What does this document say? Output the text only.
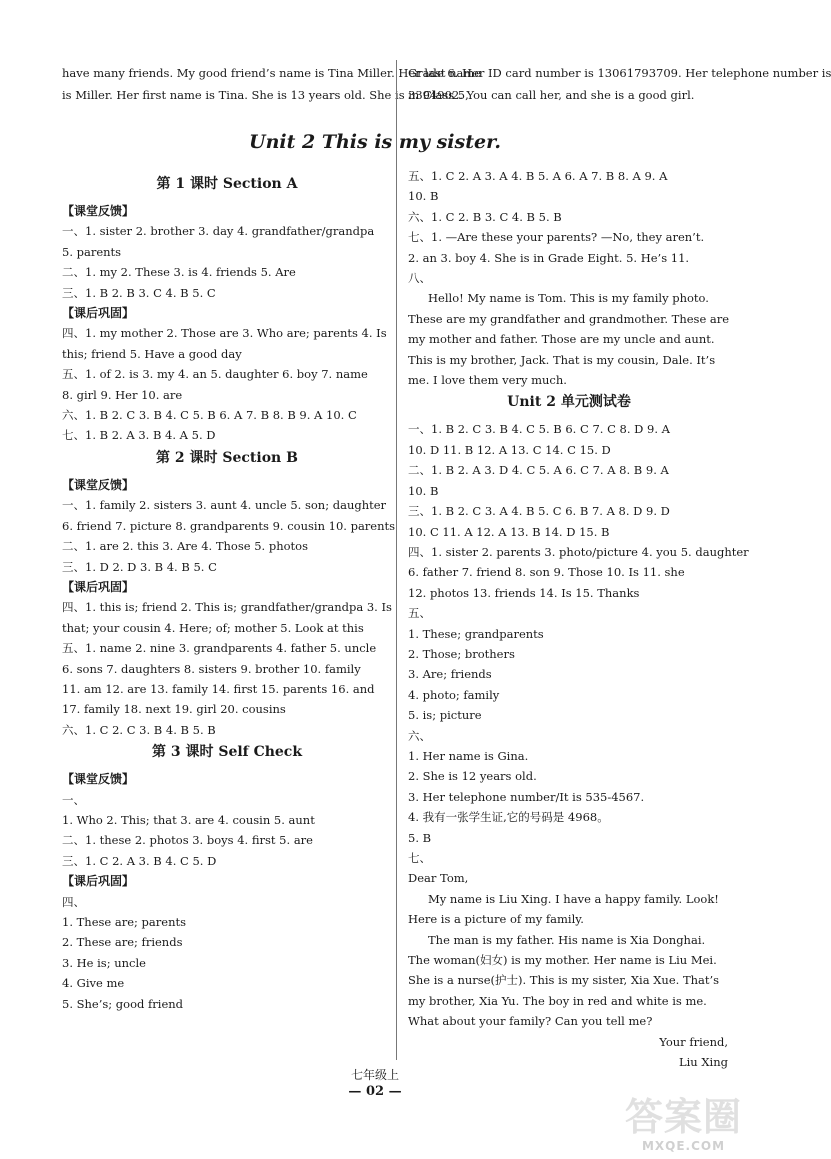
have many friends. My good friend’s name is Tina Miller. Her last name
is Miller. Her first name is Tina. She is 13 years old. She is in Class 5,
Grade 6. Her ID card number is 13061793709. Her telephone number is
3394902. You can call her, and she is a good girl.
Unit 2 This is my sister.
第 1 课时 Section A
【课堂反馈】
一、1. sister 2. brother 3. day 4. grandfather/grandpa
5. parents
二、1. my 2. These 3. is 4. friends 5. Are
三、1. B 2. B 3. C 4. B 5. C
【课后巩固】
四、1. my mother 2. Those are 3. Who are; parents 4. Is
this; friend 5. Have a good day
五、1. of 2. is 3. my 4. an 5. daughter 6. boy 7. name
8. girl 9. Her 10. are
六、1. B 2. C 3. B 4. C 5. B 6. A 7. B 8. B 9. A 10. C
七、1. B 2. A 3. B 4. A 5. D
第 2 课时 Section B
【课堂反馈】
一、1. family 2. sisters 3. aunt 4. uncle 5. son; daughter
6. friend 7. picture 8. grandparents 9. cousin 10. parents
二、1. are 2. this 3. Are 4. Those 5. photos
三、1. D 2. D 3. B 4. B 5. C
【课后巩固】
四、1. this is; friend 2. This is; grandfather/grandpa 3. Is
that; your cousin 4. Here; of; mother 5. Look at this
五、1. name 2. nine 3. grandparents 4. father 5. uncle
6. sons 7. daughters 8. sisters 9. brother 10. family
11. am 12. are 13. family 14. first 15. parents 16. and
17. family 18. next 19. girl 20. cousins
六、1. C 2. C 3. B 4. B 5. B
第 3 课时 Self Check
【课堂反馈】
一、
1. Who 2. This; that 3. are 4. cousin 5. aunt
二、1. these 2. photos 3. boys 4. first 5. are
三、1. C 2. A 3. B 4. C 5. D
【课后巩固】
四、
1. These are; parents
2. These are; friends
3. He is; uncle
4. Give me
5. She’s; good friend
五、1. C 2. A 3. A 4. B 5. A 6. A 7. B 8. A 9. A
10. B
六、1. C 2. B 3. C 4. B 5. B
七、1. —Are these your parents? —No, they aren’t.
2. an 3. boy 4. She is in Grade Eight. 5. He’s 11.
八、
Hello! My name is Tom. This is my family photo. These are my grandfather and grandmother. These are my mother and father. Those are my uncle and aunt. This is my brother, Jack. That is my cousin, Dale. It’s me. I love them very much.
Unit 2 单元测试卷
一、1. B 2. C 3. B 4. C 5. B 6. C 7. C 8. D 9. A
10. D 11. B 12. A 13. C 14. C 15. D
二、1. B 2. A 3. D 4. C 5. A 6. C 7. A 8. B 9. A
10. B
三、1. B 2. C 3. A 4. B 5. C 6. B 7. A 8. D 9. D
10. C 11. A 12. A 13. B 14. D 15. B
四、1. sister 2. parents 3. photo/picture 4. you 5. daughter
6. father 7. friend 8. son 9. Those 10. Is 11. she
12. photos 13. friends 14. Is 15. Thanks
五、
1. These; grandparents
2. Those; brothers
3. Are; friends
4. photo; family
5. is; picture
六、
1. Her name is Gina.
2. She is 12 years old.
3. Her telephone number/It is 535-4567.
4. 我有一张学生证,它的号码是 4968。
5. B
七、
Dear Tom,
My name is Liu Xing. I have a happy family. Look! Here is a picture of my family.
The man is my father. His name is Xia Donghai. The woman(妇女) is my mother. Her name is Liu Mei. She is a nurse(护士). This is my sister, Xia Xue. That’s my brother, Xia Yu. The boy in red and white is me. What about your family? Can you tell me?
Your friend,
Liu Xing
七年级上
— 02 —
答案圈
MXQE.COM
